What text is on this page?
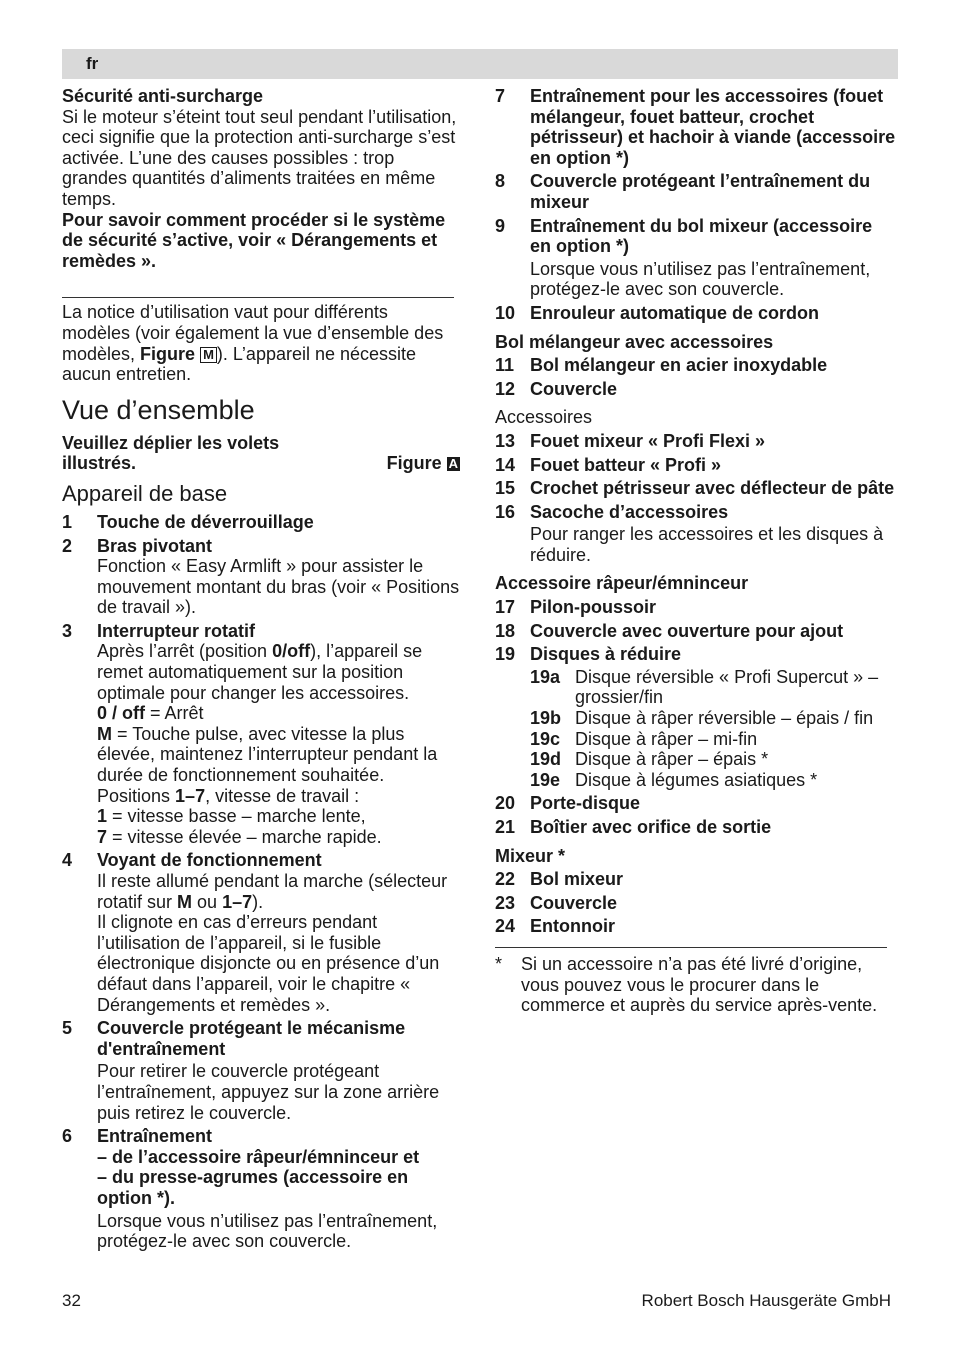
fr

Sécurité anti-surcharge

Si le moteur s’éteint tout seul pendant l’utilisation, ceci signifie que la protection anti-surcharge s’est activée. L’une des causes possibles : trop grandes quantités d’aliments traitées en même temps.

Pour savoir comment procéder si le système de sécurité s’active, voir « Dérangements et remèdes ».

La notice d’utilisation vaut pour différents modèles (voir également la vue d’ensemble des modèles, Figure M ). L’appareil ne nécessite aucun entretien.

Vue d’ensemble
Veuillez déplier les volets illustrés.	Figure A
Appareil de base
1	Touche de déverrouillage
2	Bras pivotant

Fonction « Easy Armlift » pour assister le mouvement montant du bras (voir « Positions de travail »).

3	Interrupteur rotatif

Après l’arrêt (position 0/off), l’appareil se remet automatiquement sur la position optimale pour changer les accessoires.

0 / off = Arrêt

M = Touche pulse, avec vitesse la plus élevée, maintenez l’interrupteur pendant la durée de fonctionnement souhaitée.

Positions 1–7, vitesse de travail :

1 = vitesse basse – marche lente,

7 = vitesse élevée – marche rapide.

4	Voyant de fonctionnement

Il reste allumé pendant la marche (sélecteur rotatif sur M ou 1–7).

Il clignote en cas d’erreurs pendant l’utilisation de l’appareil, si le fusible électronique disjoncte ou en présence d’un défaut dans l’appareil, voir le chapitre « Dérangements et remèdes ».

5	Couvercle protégeant le mécanisme d'entraînement

Pour retirer le couvercle protégeant l’entraînement, appuyez sur la zone arrière puis retirez le couvercle.

6	Entraînement

– de l’accessoire râpeur/émninceur et

– du presse-agrumes (accessoire en option *).

Lorsque vous n’utilisez pas l’entraînement, protégez-le avec son couvercle.

7	Entraînement pour les accessoires (fouet mélangeur, fouet batteur, crochet pétrisseur) et hachoir à viande (accessoire en option *)
8	Couvercle protégeant l’entraînement du mixeur
9	Entraînement du bol mixeur (accessoire en option *)

Lorsque vous n’utilisez pas l’entraînement, protégez-le avec son couvercle.

10 Enrouleur automatique de cordon

Bol mélangeur avec accessoires

11 Bol mélangeur en acier inoxydable
12 Couvercle

Accessoires

13 Fouet mixeur « Profi Flexi »
14 Fouet batteur « Profi »
15 Crochet pétrisseur avec déflecteur de pâte
16 Sacoche d’accessoires

Pour ranger les accessoires et les disques à réduire.

Accessoire râpeur/émninceur

17 Pilon-poussoir
18 Couvercle avec ouverture pour ajout
19 Disques à réduire
19a Disque réversible « Profi Supercut » – grossier/fin
19b Disque à râper réversible – épais / fin
19c Disque à râper – mi-fin
19d Disque à râper – épais *
19e Disque à légumes asiatiques *
20 Porte-disque
21 Boîtier avec orifice de sortie

Mixeur *

22 Bol mixeur
23 Couvercle
24 Entonnoir
*	Si un accessoire n’a pas été livré d’origine, vous pouvez vous le procurer dans le commerce et auprès du service après-vente.
32	Robert Bosch Hausgeräte GmbH
